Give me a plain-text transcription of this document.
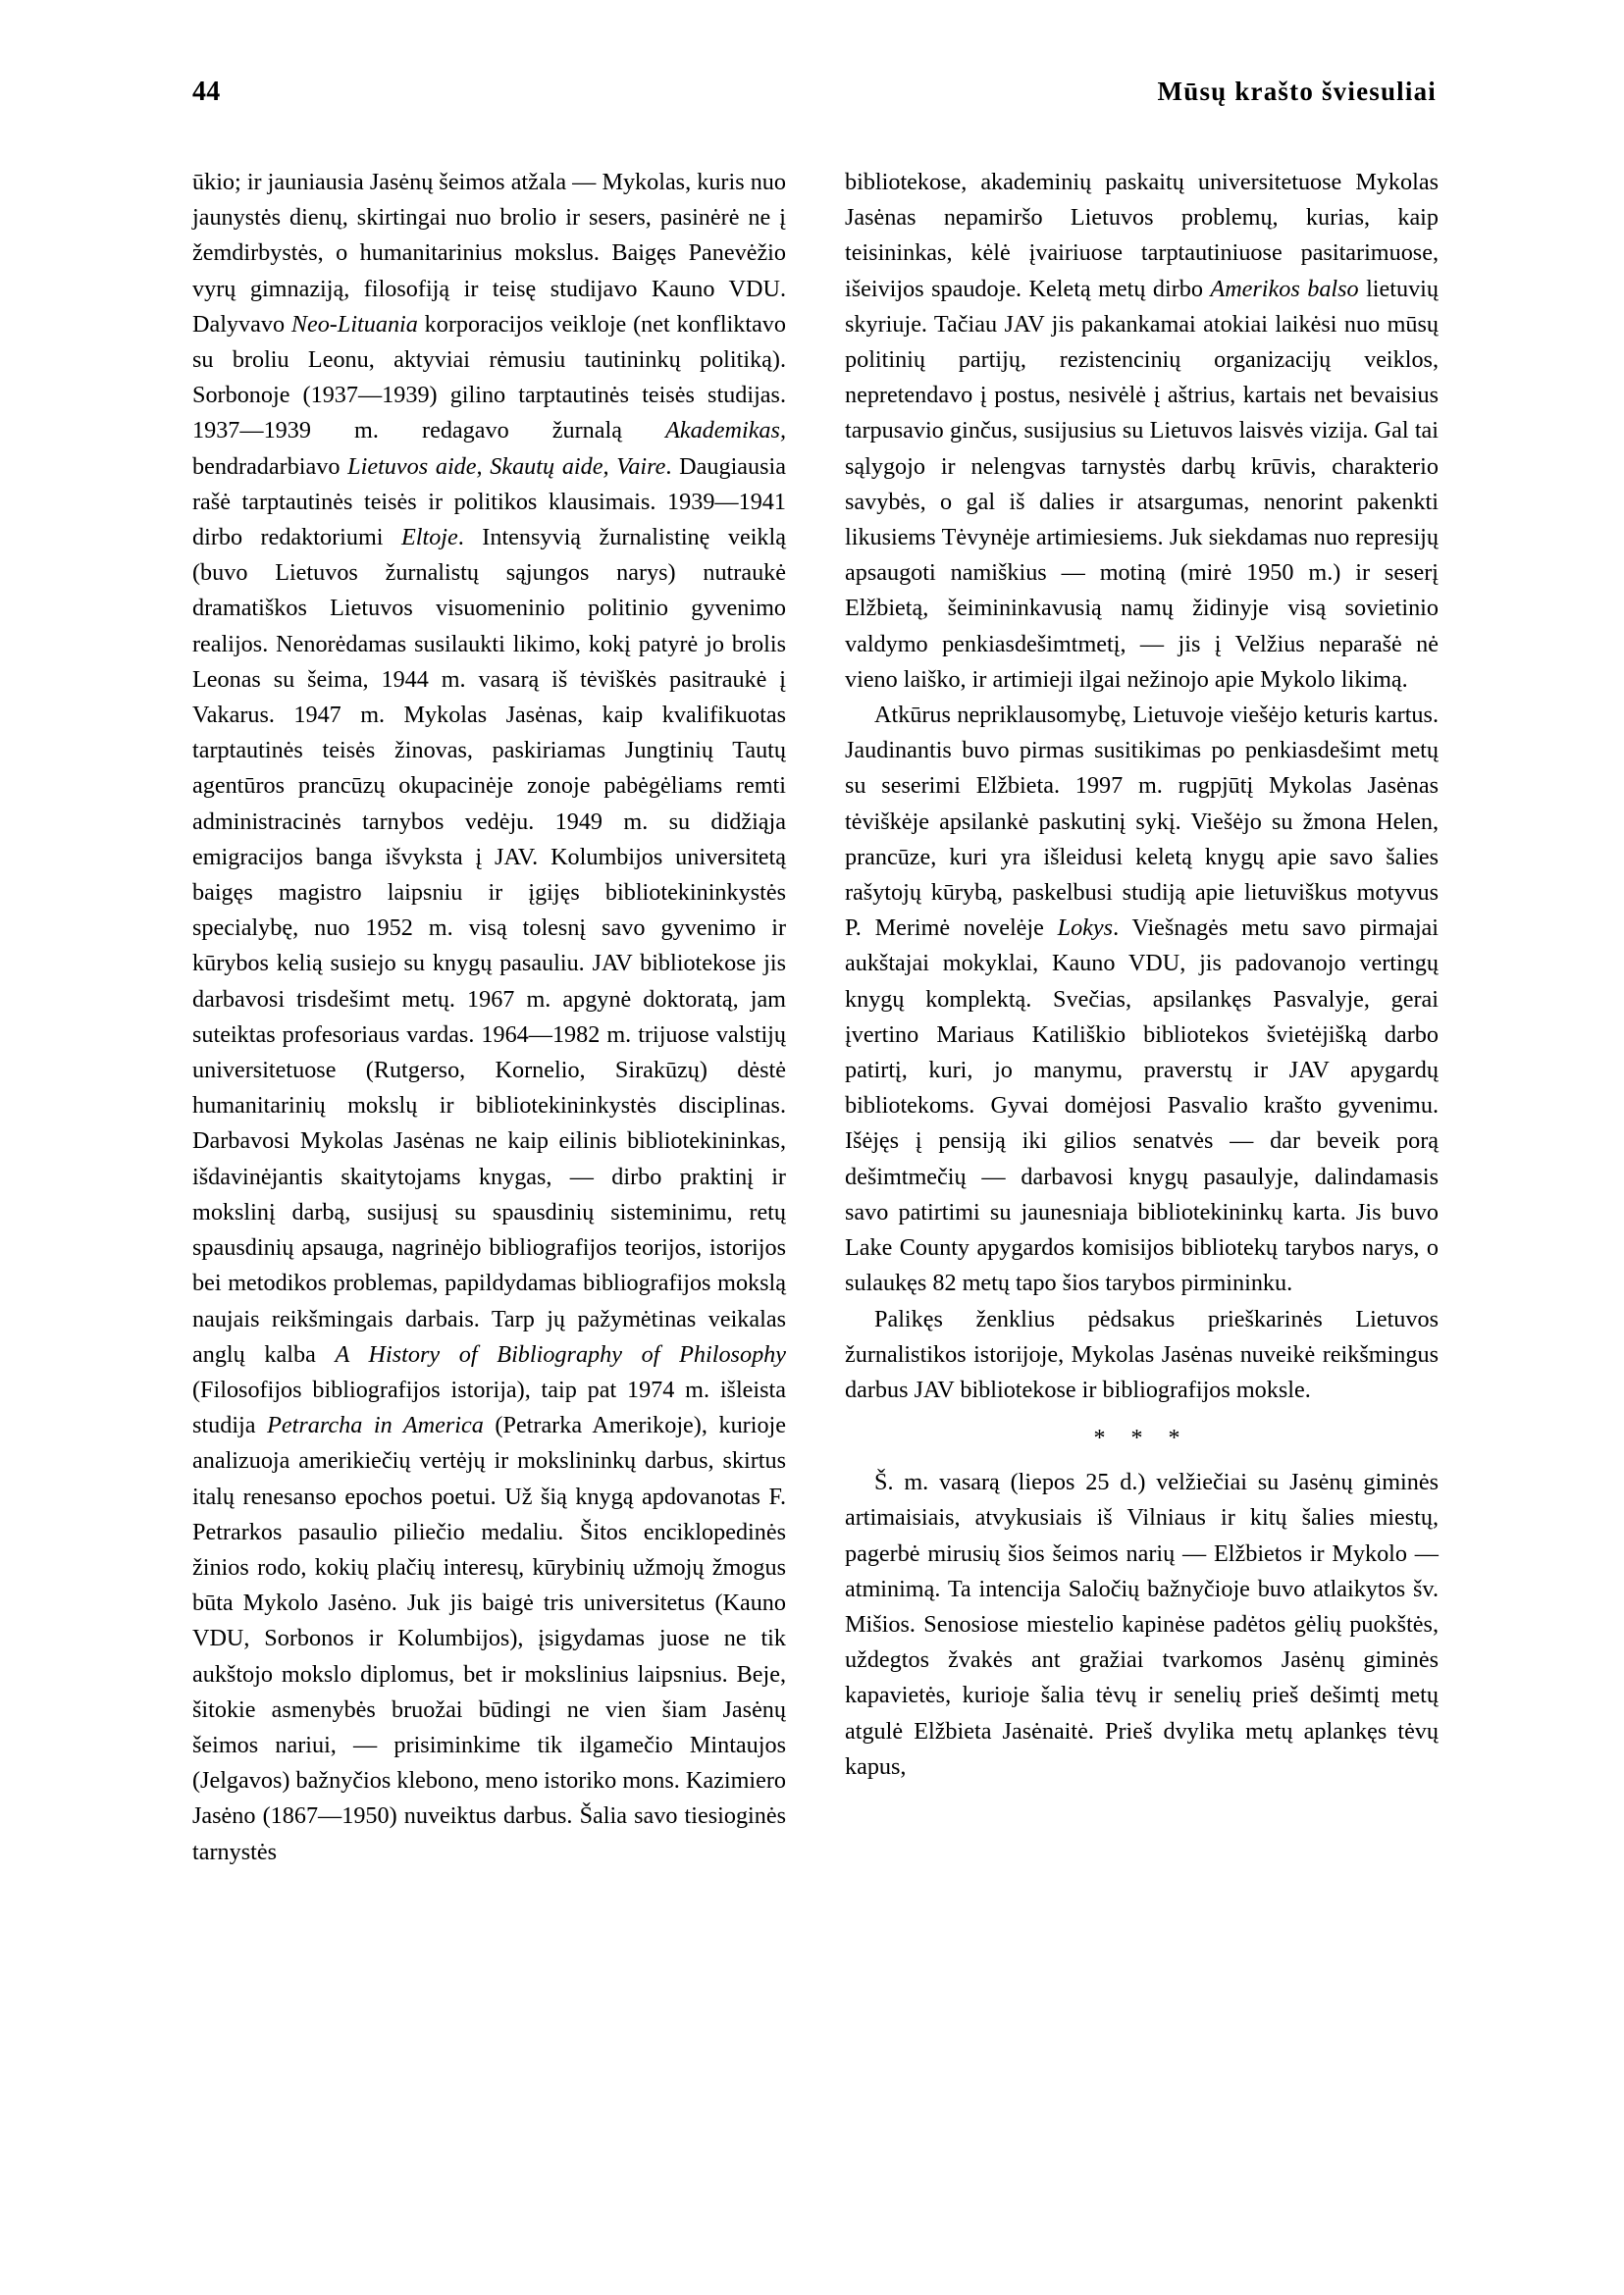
44	Mūsų krašto šviesuliai

ūkio; ir jauniausia Jasėnų šeimos atžala — Mykolas, kuris nuo jaunystės dienų, skirtingai nuo brolio ir sesers, pasinėrė ne į žemdirbystės, o humanitarinius mokslus. Baigęs Panevėžio vyrų gimnaziją, filosofiją ir teisę studijavo Kauno VDU. Dalyvavo Neo-Lituania korporacijos veikloje (net konfliktavo su broliu Leonu, aktyviai rėmusiu tautininkų politiką). Sorbonoje (1937—1939) gilino tarptautinės teisės studijas. 1937—1939 m. redagavo žurnalą Akademikas, bendradarbiavo Lietuvos aide, Skautų aide, Vaire. Daugiausia rašė tarptautinės teisės ir politikos klausimais. 1939—1941 dirbo redaktoriumi Eltoje. Intensyvią žurnalistinę veiklą (buvo Lietuvos žurnalistų sąjungos narys) nutraukė dramatiškos Lietuvos visuomeninio politinio gyvenimo realijos. Nenorėdamas susilaukti likimo, kokį patyrė jo brolis Leonas su šeima, 1944 m. vasarą iš tėviškės pasitraukė į Vakarus. 1947 m. Mykolas Jasėnas, kaip kvalifikuotas tarptautinės teisės žinovas, paskiriamas Jungtinių Tautų agentūros prancūzų okupacinėje zonoje pabėgėliams remti administracinės tarnybos vedėju. 1949 m. su didžiąja emigracijos banga išvyksta į JAV. Kolumbijos universitetą baigęs magistro laipsniu ir įgijęs bibliotekininkystės specialybę, nuo 1952 m. visą tolesnį savo gyvenimo ir kūrybos kelią susiejo su knygų pasauliu. JAV bibliotekose jis darbavosi trisdešimt metų. 1967 m. apgynė doktoratą, jam suteiktas profesoriaus vardas. 1964—1982 m. trijuose valstijų universitetuose (Rutgerso, Kornelio, Sirakūzų) dėstė humanitarinių mokslų ir bibliotekininkystės disciplinas. Darbavosi Mykolas Jasėnas ne kaip eilinis bibliotekininkas, išdavinėjantis skaitytojams knygas, — dirbo praktinį ir mokslinį darbą, susijusį su spausdinių sisteminimu, retų spausdinių apsauga, nagrinėjo bibliografijos teorijos, istorijos bei metodikos problemas, papildydamas bibliografijos mokslą naujais reikšmingais darbais. Tarp jų pažymėtinas veikalas anglų kalba A History of Bibliography of Philosophy (Filosofijos bibliografijos istorija), taip pat 1974 m. išleista studija Petrarcha in America (Petrarka Amerikoje), kurioje analizuoja amerikiečių vertėjų ir mokslininkų darbus, skirtus italų renesanso epochos poetui. Už šią knygą apdovanotas F. Petrarkos pasaulio piliečio medaliu. Šitos enciklopedinės žinios rodo, kokių plačių interesų, kūrybinių užmojų žmogus būta Mykolo Jasėno. Juk jis baigė tris universitetus (Kauno VDU, Sorbonos ir Kolumbijos), įsigydamas juose ne tik aukštojo mokslo diplomus, bet ir mokslinius laipsnius. Beje, šitokie asmenybės bruožai būdingi ne vien šiam Jasėnų šeimos nariui, — prisiminkime tik ilgamečio Mintaujos (Jelgavos) bažnyčios klebono, meno istoriko mons. Kazimiero Jasėno (1867—1950) nuveiktus darbus. Šalia savo tiesioginės tarnystės

bibliotekose, akademinių paskaitų universitetuose Mykolas Jasėnas nepamiršo Lietuvos problemų, kurias, kaip teisininkas, kėlė įvairiuose tarptautiniuose pasitarimuose, išeivijos spaudoje. Keletą metų dirbo Amerikos balso lietuvių skyriuje. Tačiau JAV jis pakankamai atokiai laikėsi nuo mūsų politinių partijų, rezistencinių organizacijų veiklos, nepretendavo į postus, nesivėlė į aštrius, kartais net bevaisius tarpusavio ginčus, susijusius su Lietuvos laisvės vizija. Gal tai sąlygojo ir nelengvas tarnystės darbų krūvis, charakterio savybės, o gal iš dalies ir atsargumas, nenorint pakenkti likusiems Tėvynėje artimiesiems. Juk siekdamas nuo represijų apsaugoti namiškius — motiną (mirė 1950 m.) ir seserį Elžbietą, šeimininkavusią namų židinyje visą sovietinio valdymo penkiasdešimtmetį, — jis į Velžius neparašė nė vieno laiško, ir artimieji ilgai nežinojo apie Mykolo likimą.

Atkūrus nepriklausomybę, Lietuvoje viešėjo keturis kartus. Jaudinantis buvo pirmas susitikimas po penkiasdešimt metų su seserimi Elžbieta. 1997 m. rugpjūtį Mykolas Jasėnas tėviškėje apsilankė paskutinį sykį. Viešėjo su žmona Helen, prancūze, kuri yra išleidusi keletą knygų apie savo šalies rašytojų kūrybą, paskelbusi studiją apie lietuviškus motyvus P. Merimė novelėje Lokys. Viešnagės metu savo pirmajai aukštajai mokyklai, Kauno VDU, jis padovanojo vertingų knygų komplektą. Svečias, apsilankęs Pasvalyje, gerai įvertino Mariaus Katiliškio bibliotekos švietėjišką darbo patirtį, kuri, jo manymu, praverstų ir JAV apygardų bibliotekoms. Gyvai domėjosi Pasvalio krašto gyvenimu. Išėjęs į pensiją iki gilios senatvės — dar beveik porą dešimtmečių — darbavosi knygų pasaulyje, dalindamasis savo patirtimi su jaunesniaja bibliotekininkų karta. Jis buvo Lake County apygardos komisijos bibliotekų tarybos narys, o sulaukęs 82 metų tapo šios tarybos pirmininku.

Palikęs ženklius pėdsakus prieškarinės Lietuvos žurnalistikos istorijoje, Mykolas Jasėnas nuveikė reikšmingus darbus JAV bibliotekose ir bibliografijos mokslе.

* * *

Š. m. vasarą (liepos 25 d.) velžiečiai su Jasėnų giminės artimaisiais, atvykusiais iš Vilniaus ir kitų šalies miestų, pagerbė mirusių šios šeimos narių — Elžbietos ir Mykolo — atminimą. Ta intencija Saločių bažnyčioje buvo atlaikytos šv. Mišios. Senosiose miestelio kapinėse padėtos gėlių puokštės, uždegtos žvakės ant gražiai tvarkomos Jasėnų giminės kapavietės, kurioje šalia tėvų ir senelių prieš dešimtį metų atgulė Elžbieta Jasėnaitė. Prieš dvylika metų aplankęs tėvų kapus,
